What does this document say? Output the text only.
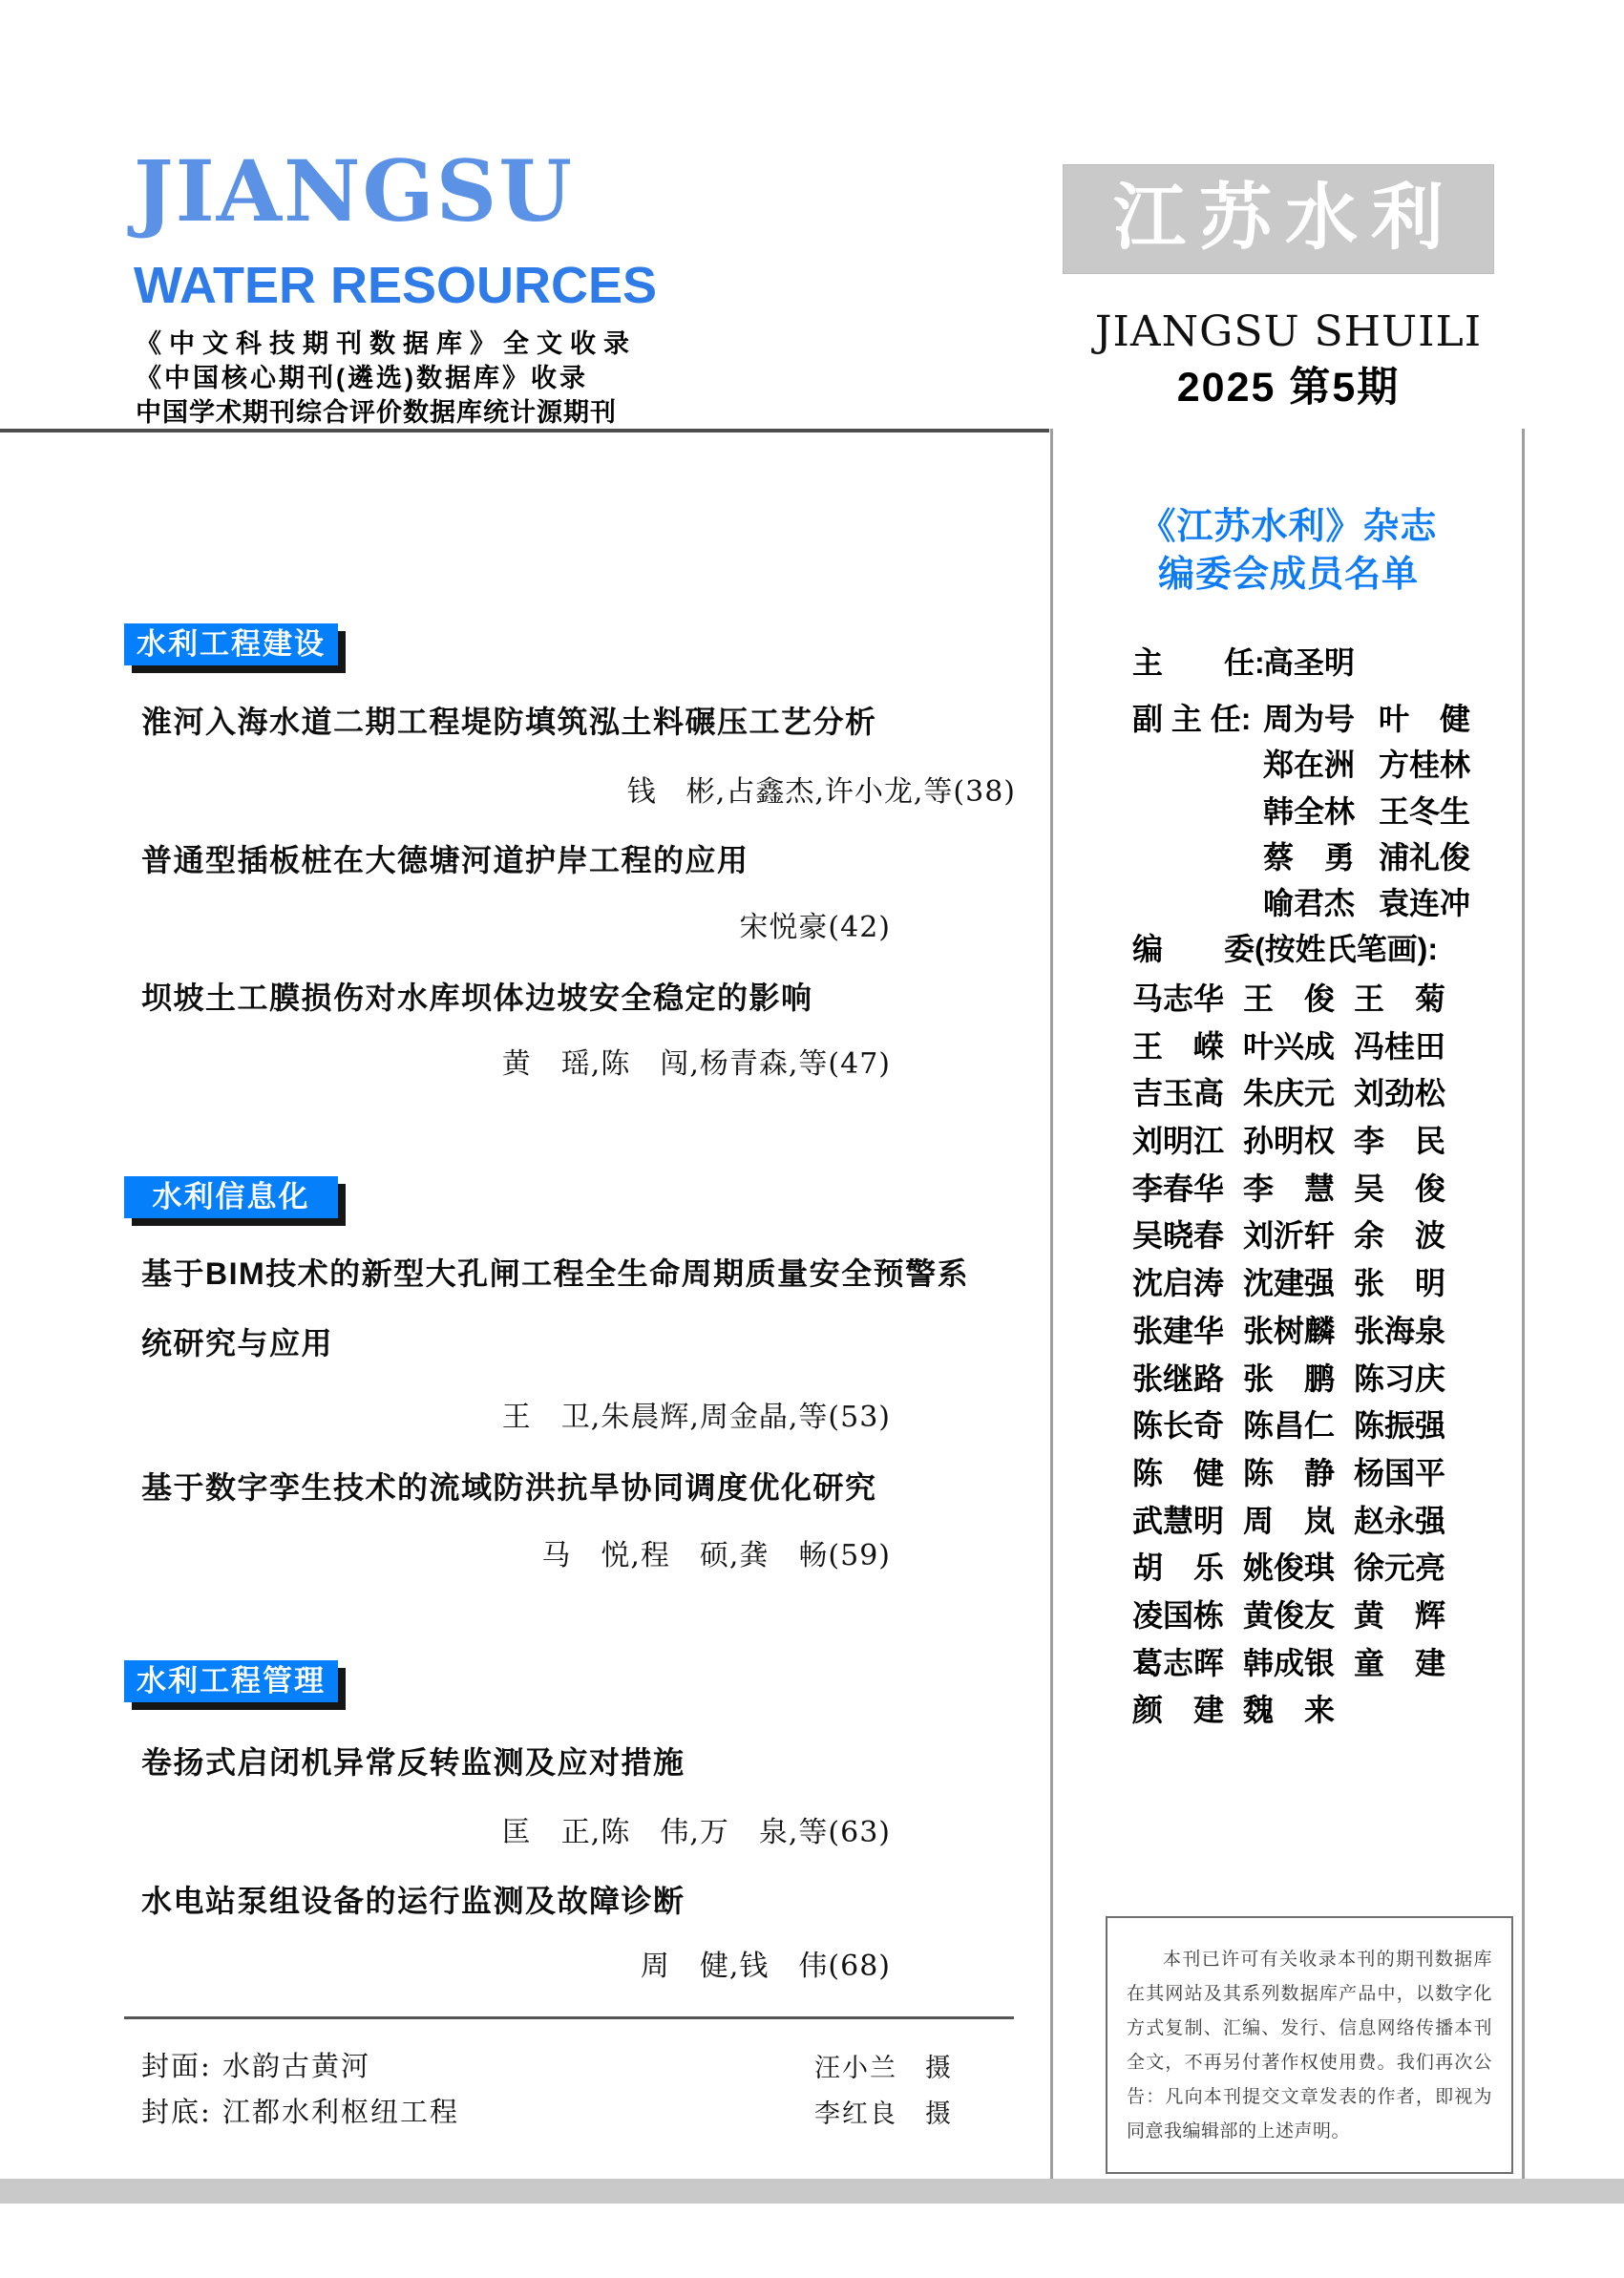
JIANGSU
WATER RESOURCES
《中文科技期刊数据库》全文收录
《中国核心期刊(遴选)数据库》收录
中国学术期刊综合评价数据库统计源期刊
江苏水利
JIANGSU SHUILI
2025 第5期
水利工程建设
淮河入海水道二期工程堤防填筑泓土料碾压工艺分析
钱　彬,占鑫杰,许小龙,等(38)
普通型插板桩在大德塘河道护岸工程的应用
宋悦豪(42)
坝坡土工膜损伤对水库坝体边坡安全稳定的影响
黄　瑶,陈　闯,杨青森,等(47)
水利信息化
基于BIM技术的新型大孔闸工程全生命周期质量安全预警系统研究与应用
王　卫,朱晨辉,周金晶,等(53)
基于数字孪生技术的流域防洪抗旱协同调度优化研究
马　悦,程　硕,龚　畅(59)
水利工程管理
卷扬式启闭机异常反转监测及应对措施
匡　正,陈　伟,万　泉,等(63)
水电站泵组设备的运行监测及故障诊断
周　健,钱　伟(68)
封面: 水韵古黄河	汪小兰　摄
封底: 江都水利枢纽工程	李红良　摄
《江苏水利》杂志
编委会成员名单
主　　任:
高圣明
副 主 任: 周为号 叶　健
郑在洲 方桂林
韩全林 王冬生
蔡　勇 浦礼俊
喻君杰 袁连冲
编　　委(按姓氏笔画):
马志华 王　俊 王　菊
王　嵘 叶兴成 冯桂田
吉玉高 朱庆元 刘劲松
刘明江 孙明权 李　民
李春华 李　慧 吴　俊
吴晓春 刘沂轩 余　波
沈启涛 沈建强 张　明
张建华 张树麟 张海泉
张继路 张　鹏 陈习庆
陈长奇 陈昌仁 陈振强
陈　健 陈　静 杨国平
武慧明 周　岚 赵永强
胡　乐 姚俊琪 徐元亮
凌国栋 黄俊友 黄　辉
葛志晖 韩成银 童　建
颜　建 魏　来

本刊已许可有关收录本刊的期刊数据库在其网站及其系列数据库产品中，以数字化方式复制、汇编、发行、信息网络传播本刊全文，不再另付著作权使用费。我们再次公告：凡向本刊提交文章发表的作者，即视为同意我编辑部的上述声明。
